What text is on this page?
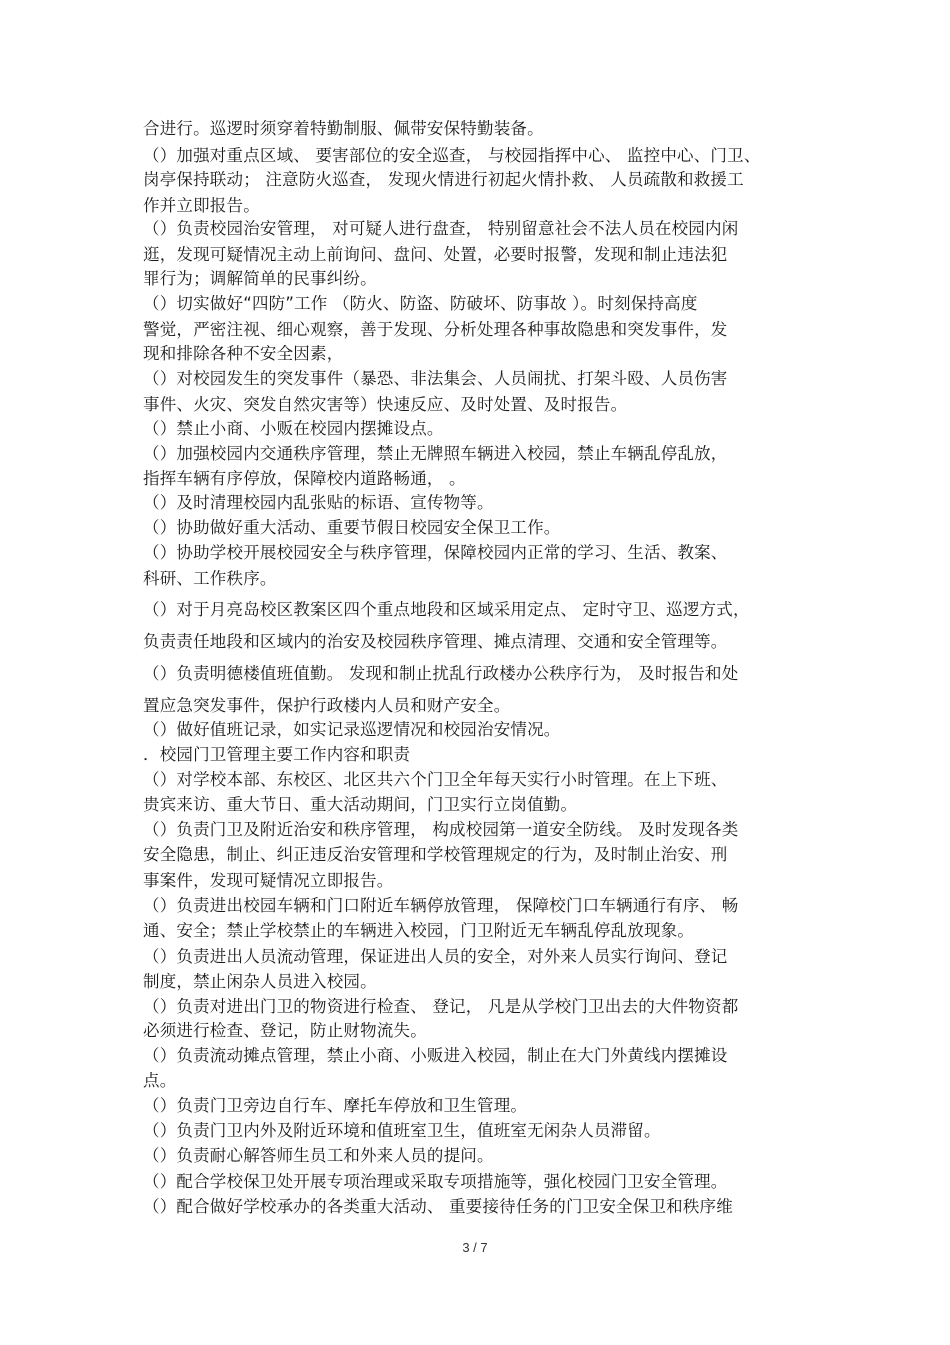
合进行。巡逻时须穿着特勤制服、佩带安保特勤装备。
（）加强对重点区域、 要害部位的安全巡查， 与校园指挥中心、 监控中心、门卫、
岗亭保持联动； 注意防火巡查， 发现火情进行初起火情扑救、 人员疏散和救援工
作并立即报告。
（）负责校园治安管理， 对可疑人进行盘查， 特别留意社会不法人员在校园内闲
逛，发现可疑情况主动上前询问、盘问、处置，必要时报警，发现和制止违法犯
罪行为；调解简单的民事纠纷。
（）切实做好“四防”工作 （防火、防盗、防破坏、防事故 ）。时刻保持高度
警觉，严密注视、细心观察，善于发现、分析处理各种事故隐患和突发事件，发
现和排除各种不安全因素，
（）对校园发生的突发事件（暴恐、非法集会、人员闹扰、打架斗殴、人员伤害
事件、火灾、突发自然灾害等）快速反应、及时处置、及时报告。
（）禁止小商、小贩在校园内摆摊设点。
（）加强校园内交通秩序管理，禁止无牌照车辆进入校园，禁止车辆乱停乱放，
指挥车辆有序停放，保障校内道路畅通， 。
（）及时清理校园内乱张贴的标语、宣传物等。
（）协助做好重大活动、重要节假日校园安全保卫工作。
（）协助学校开展校园安全与秩序管理，保障校园内正常的学习、生活、教案、
科研、工作秩序。
（）对于月亮岛校区教案区四个重点地段和区域采用定点、 定时守卫、巡逻方式，
负责责任地段和区域内的治安及校园秩序管理、摊点清理、交通和安全管理等。
（）负责明德楼值班值勤。 发现和制止扰乱行政楼办公秩序行为， 及时报告和处
置应急突发事件，保护行政楼内人员和财产安全。
（）做好值班记录，如实记录巡逻情况和校园治安情况。
．校园门卫管理主要工作内容和职责
（）对学校本部、东校区、北区共六个门卫全年每天实行小时管理。在上下班、
贵宾来访、重大节日、重大活动期间，门卫实行立岗值勤。
（）负责门卫及附近治安和秩序管理， 构成校园第一道安全防线。 及时发现各类
安全隐患，制止、纠正违反治安管理和学校管理规定的行为，及时制止治安、刑
事案件，发现可疑情况立即报告。
（）负责进出校园车辆和门口附近车辆停放管理， 保障校门口车辆通行有序、 畅
通、安全；禁止学校禁止的车辆进入校园，门卫附近无车辆乱停乱放现象。
（）负责进出人员流动管理，保证进出人员的安全，对外来人员实行询问、登记
制度，禁止闲杂人员进入校园。
（）负责对进出门卫的物资进行检查、 登记， 凡是从学校门卫出去的大件物资都
必须进行检查、登记，防止财物流失。
（）负责流动摊点管理，禁止小商、小贩进入校园，制止在大门外黄线内摆摊设
点。
（）负责门卫旁边自行车、摩托车停放和卫生管理。
（）负责门卫内外及附近环境和值班室卫生，值班室无闲杂人员滞留。
（）负责耐心解答师生员工和外来人员的提问。
（）配合学校保卫处开展专项治理或采取专项措施等，强化校园门卫安全管理。
（）配合做好学校承办的各类重大活动、 重要接待任务的门卫安全保卫和秩序维
3 / 7
